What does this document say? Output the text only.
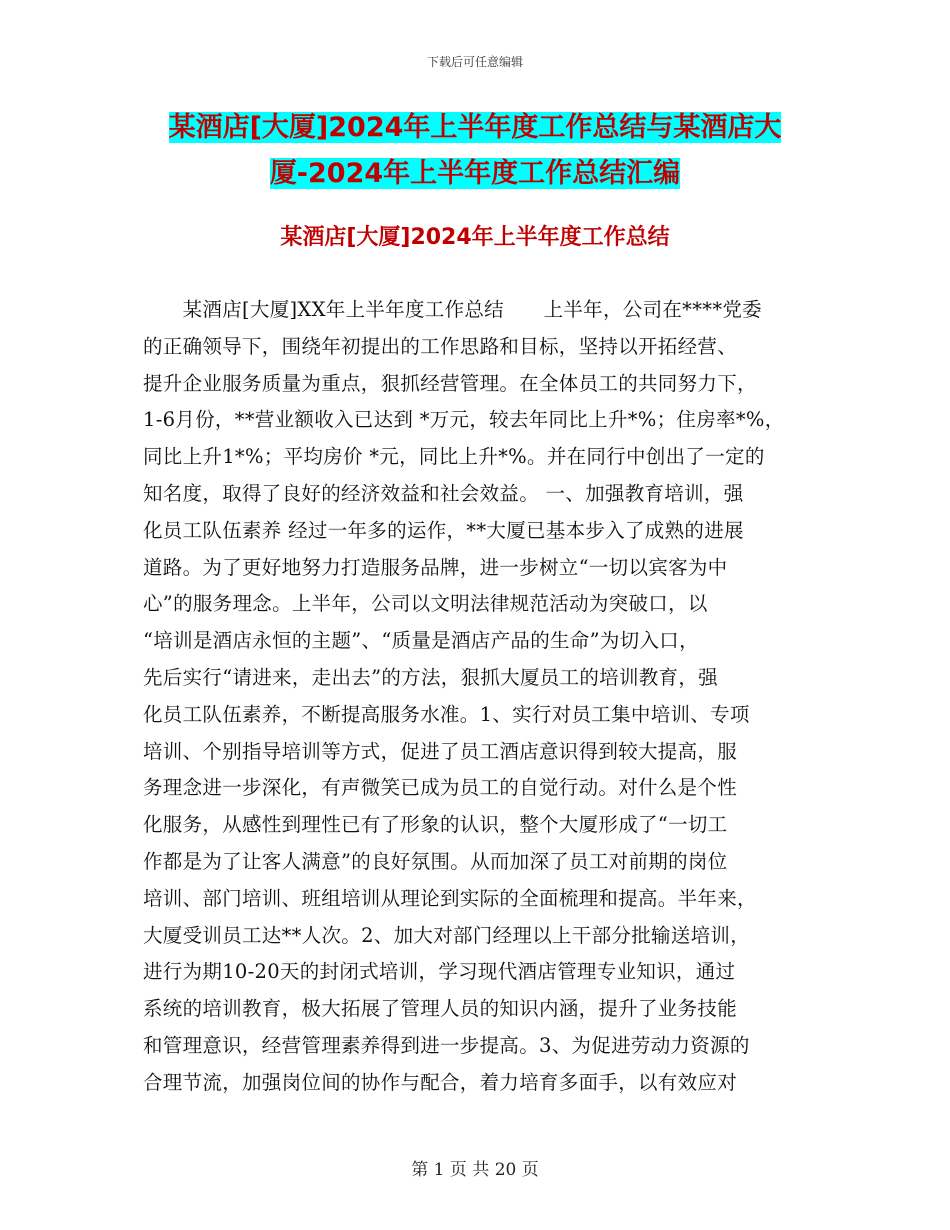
下载后可任意编辑
某酒店[大厦]2024年上半年度工作总结与某酒店大
厦-2024年上半年度工作总结汇编
某酒店[大厦]2024年上半年度工作总结
　　某酒店[大厦]XX年上半年度工作总结　　上半年，公司在****党委
的正确领导下，围绕年初提出的工作思路和目标，坚持以开拓经营、
提升企业服务质量为重点，狠抓经营管理。在全体员工的共同努力下，
1-6月份，**营业额收入已达到 *万元，较去年同比上升*%；住房率*%，
同比上升1*%；平均房价 *元，同比上升*%。并在同行中创出了一定的
知名度，取得了良好的经济效益和社会效益。 一、加强教育培训，强
化员工队伍素养 经过一年多的运作，**大厦已基本步入了成熟的进展
道路。为了更好地努力打造服务品牌，进一步树立“一切以宾客为中
心”的服务理念。上半年，公司以文明法律规范活动为突破口，以
“培训是酒店永恒的主题”、“质量是酒店产品的生命”为切入口，
先后实行“请进来，走出去”的方法，狠抓大厦员工的培训教育，强
化员工队伍素养，不断提高服务水准。1、实行对员工集中培训、专项
培训、个别指导培训等方式，促进了员工酒店意识得到较大提高，服
务理念进一步深化，有声微笑已成为员工的自觉行动。对什么是个性
化服务，从感性到理性已有了形象的认识，整个大厦形成了“一切工
作都是为了让客人满意”的良好氛围。从而加深了员工对前期的岗位
培训、部门培训、班组培训从理论到实际的全面梳理和提高。半年来，
大厦受训员工达**人次。2、加大对部门经理以上干部分批输送培训，
进行为期10-20天的封闭式培训，学习现代酒店管理专业知识，通过
系统的培训教育，极大拓展了管理人员的知识内涵，提升了业务技能
和管理意识，经营管理素养得到进一步提高。3、为促进劳动力资源的
合理节流，加强岗位间的协作与配合，着力培育多面手，以有效应对
第 1 页 共 20 页
